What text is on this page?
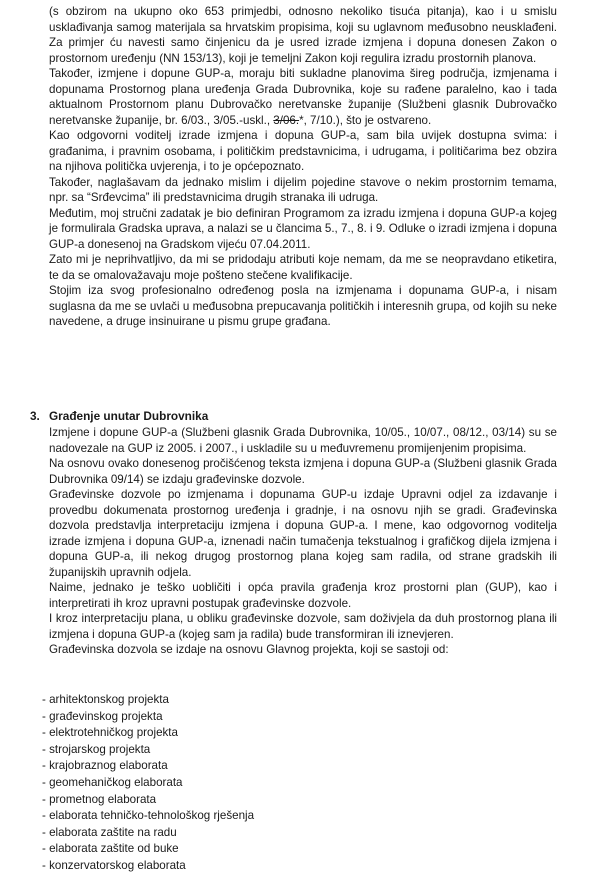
(s obzirom na ukupno oko 653 primjedbi, odnosno nekoliko tisuća pitanja), kao i u smislu usklađivanja samog materijala sa hrvatskim propisima, koji su uglavnom međusobno neusklađeni. Za primjer ću navesti samo činjenicu da je usred izrade izmjena i dopuna donesen Zakon o prostornom uređenju (NN 153/13), koji je temeljni Zakon koji regulira izradu prostornih planova.

Također, izmjene i dopune GUP-a, moraju biti sukladne planovima šireg područja, izmjenama i dopunama Prostornog plana uređenja Grada Dubrovnika, koje su rađene paralelno, kao i tada aktualnom Prostornom planu Dubrovačko neretvanske županije (Službeni glasnik Dubrovačko neretvanske županije, br. 6/03., 3/05.-uskl., 3/06.*, 7/10.), što je ostvareno.

Kao odgovorni voditelj izrade izmjena i dopuna GUP-a, sam bila uvijek dostupna svima: i građanima, i pravnim osobama, i političkim predstavnicima, i udrugama, i političarima bez obzira na njihova politička uvjerenja, i to je općepoznato.

Također, naglašavam da jednako mislim i dijelim pojedine stavove o nekim prostornim temama, npr. sa “Srđevcima” ili predstavnicima drugih stranaka ili udruga.

Međutim, moj stručni zadatak je bio definiran Programom za izradu izmjena i dopuna GUP-a kojeg je formulirala Gradska uprava, a nalazi se u člancima 5., 7., 8. i 9. Odluke o izradi izmjena i dopuna GUP-a donesenoj na Gradskom vijeću 07.04.2011.

Zato mi je neprihvatljivo, da mi se pridodaju atributi koje nemam, da me se neopravdano etiketira, te da se omalovažavaju moje pošteno stečene kvalifikacije.

Stojim iza svog profesionalno određenog posla na izmjenama i dopunama GUP-a, i nisam suglasna da me se uvlači u međusobna prepucavanja političkih i interesnih grupa, od kojih su neke navedene, a druge insinuirane u pismu grupe građana.

3. Građenje unutar Dubrovnika

Izmjene i dopune GUP-a (Službeni glasnik Grada Dubrovnika, 10/05., 10/07., 08/12., 03/14) su se nadovezale na GUP iz 2005. i 2007., i uskladile su u međuvremenu promijenjenim propisima.

Na osnovu ovako donesenog pročišćenog teksta izmjena i dopuna GUP-a (Službeni glasnik Grada Dubrovnika 09/14) se izdaju građevinske dozvole.

Građevinske dozvole po izmjenama i dopunama GUP-u izdaje Upravni odjel za izdavanje i provedbu dokumenata prostornog uređenja i gradnje, i na osnovu njih se gradi. Građevinska dozvola predstavlja interpretaciju izmjena i dopuna GUP-a. I mene, kao odgovornog voditelja izrade izmjena i dopuna GUP-a, iznenadi način tumačenja tekstualnog i grafičkog dijela izmjena i dopuna GUP-a, ili nekog drugog prostornog plana kojeg sam radila, od strane gradskih ili županijskih upravnih odjela.

Naime, jednako je teško uobličiti i opća pravila građenja kroz prostorni plan (GUP), kao i interpretirati ih kroz upravni postupak građevinske dozvole.

I kroz interpretaciju plana, u obliku građevinske dozvole, sam doživjela da duh prostornog plana ili izmjena i dopuna GUP-a (kojeg sam ja radila) bude transformiran ili iznevjeren.

Građevinska dozvola se izdaje na osnovu Glavnog projekta, koji se sastoji od:

- arhitektonskog projekta
- građevinskog projekta
- elektrotehničkog projekta
- strojarskog projekta
- krajobraznog elaborata
- geomehaničkog elaborata
- prometnog elaborata
- elaborata tehničko-tehnološkog rješenja
- elaborata zaštite na radu
- elaborata zaštite od buke
- konzervatorskog elaborata
